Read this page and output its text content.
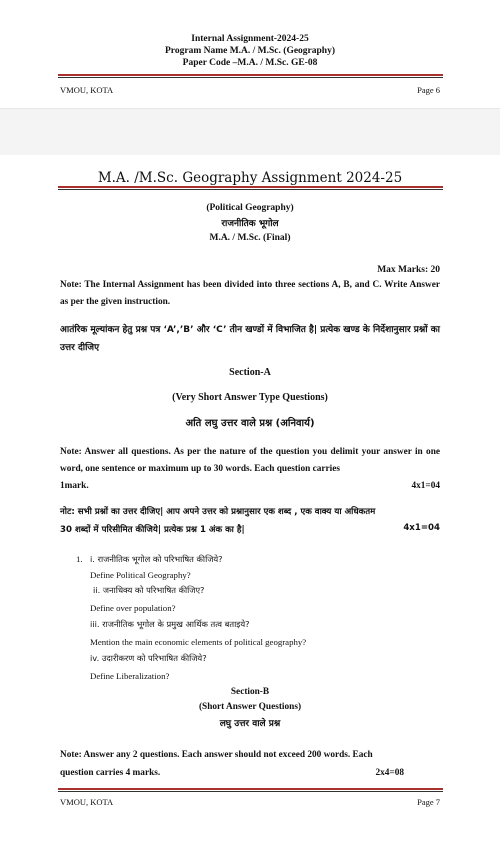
Internal Assignment-2024-25
Program Name M.A. / M.Sc. (Geography)
Paper Code –M.A. / M.Sc. GE-08
VMOU, KOTA	Page 6
M.A. /M.Sc. Geography Assignment 2024-25
(Political Geography)
राजनीतिक भूगोल
M.A. / M.Sc. (Final)
Max Marks: 20
Note: The Internal Assignment has been divided into three sections A, B, and C. Write Answer as per the given instruction.
आतंरिक मूल्यांकन हेतु प्रश्न पत्र ‘A’,’B’ और ‘C’ तीन खण्डों में विभाजित है| प्रत्येक खण्ड के निर्देशानुसार प्रश्नों का उत्तर दीजिए
Section-A
(Very Short Answer Type Questions)
अति लघु उत्तर वाले प्रश्न (अनिवार्य)
Note: Answer all questions. As per the nature of the question you delimit your answer in one word, one sentence or maximum up to 30 words. Each question carries
1mark.	4x1=04
नोट: सभी प्रश्नों का उत्तर दीजिए| आप अपने उत्तर को प्रश्नानुसार एक शब्द , एक वाक्य या अधिकतम
30 शब्दों में परिसीमित कीजिये| प्रत्येक प्रश्न 1 अंक का है|	4x1=04
1. i. राजनीतिक भूगोल को परिभाषित कीजिये?
Define Political Geography?
ii. जनाधिक्य को परिभाषित कीजिए?
Define over population?
iii. राजनीतिक भूगोल के प्रमुख आर्थिक तत्व बताइये?
Mention the main economic elements of political geography?
iv. उदारीकरण को परिभाषित कीजिये?
Define Liberalization?
Section-B
(Short Answer Questions)
लघु उत्तर वाले प्रश्न
Note: Answer any 2 questions. Each answer should not exceed 200 words. Each
question carries 4 marks.	2x4=08
VMOU, KOTA	Page 7
